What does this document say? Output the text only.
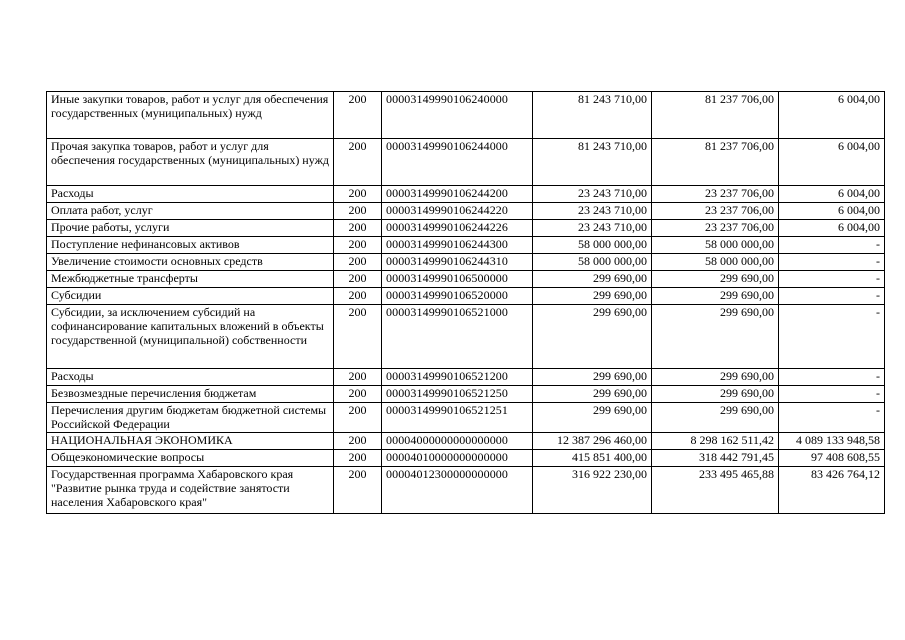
Иные закупки товаров, работ и услуг для обеспечения государственных (муниципальных) нужд	200	00003149990106240000	81 243 710,00	81 237 706,00	6 004,00
Прочая закупка товаров, работ и услуг для обеспечения государственных (муниципальных) нужд	200	00003149990106244000	81 243 710,00	81 237 706,00	6 004,00
Расходы	200	00003149990106244200	23 243 710,00	23 237 706,00	6 004,00
Оплата работ, услуг	200	00003149990106244220	23 243 710,00	23 237 706,00	6 004,00
Прочие работы, услуги	200	00003149990106244226	23 243 710,00	23 237 706,00	6 004,00
Поступление нефинансовых активов	200	00003149990106244300	58 000 000,00	58 000 000,00	-
Увеличение стоимости основных средств	200	00003149990106244310	58 000 000,00	58 000 000,00	-
Межбюджетные трансферты	200	00003149990106500000	299 690,00	299 690,00	-
Субсидии	200	00003149990106520000	299 690,00	299 690,00	-
Субсидии, за исключением субсидий на софинансирование капитальных вложений в объекты государственной (муниципальной) собственности	200	00003149990106521000	299 690,00	299 690,00	-
Расходы	200	00003149990106521200	299 690,00	299 690,00	-
Безвозмездные перечисления бюджетам	200	00003149990106521250	299 690,00	299 690,00	-
Перечисления другим бюджетам бюджетной системы Российской Федерации	200	00003149990106521251	299 690,00	299 690,00	-
НАЦИОНАЛЬНАЯ ЭКОНОМИКА	200	00004000000000000000	12 387 296 460,00	8 298 162 511,42	4 089 133 948,58
Общеэкономические вопросы	200	00004010000000000000	415 851 400,00	318 442 791,45	97 408 608,55
Государственная программа Хабаровского края "Развитие рынка труда и содействие занятости населения Хабаровского края"	200	00004012300000000000	316 922 230,00	233 495 465,88	83 426 764,12
